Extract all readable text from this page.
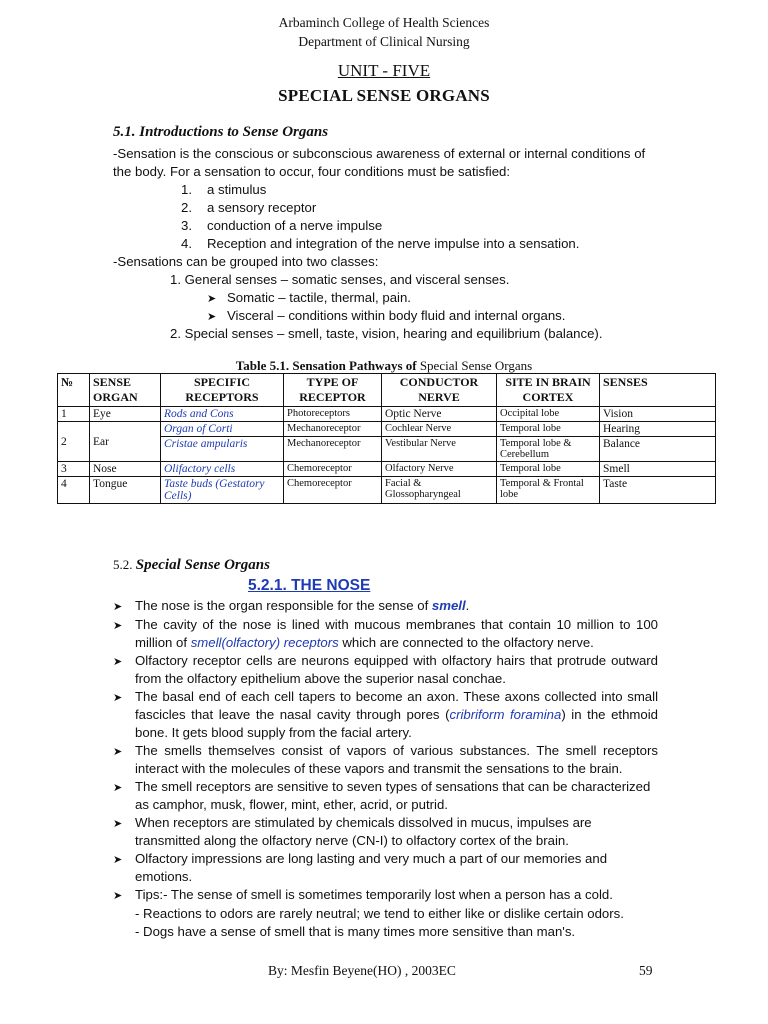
Arbaminch College of Health Sciences
Department of Clinical Nursing
UNIT - FIVE
SPECIAL SENSE ORGANS
5.1. Introductions to Sense Organs
-Sensation is the conscious or subconscious awareness of external or internal conditions of the body. For a sensation to occur, four conditions must be satisfied:
1. a stimulus
2. a sensory receptor
3. conduction of a nerve impulse
4. Reception and integration of the nerve impulse into a sensation.
-Sensations can be grouped into two classes:
1. General senses – somatic senses, and visceral senses.
➤ Somatic – tactile, thermal, pain.
➤ Visceral – conditions within body fluid and internal organs.
2. Special senses – smell, taste, vision, hearing and equilibrium (balance).
Table 5.1. Sensation Pathways of Special Sense Organs
№	SENSE ORGAN	SPECIFIC RECEPTORS	TYPE OF RECEPTOR	CONDUCTOR NERVE	SITE IN BRAIN CORTEX	SENSES
1	Eye	Rods and Cons	Photoreceptors	Optic Nerve	Occipital lobe	Vision
2	Ear	Organ of Corti	Mechanoreceptor	Cochlear Nerve	Temporal lobe	Hearing
		Cristae ampularis	Mechanoreceptor	Vestibular Nerve	Temporal lobe & Cerebellum	Balance
3	Nose	Olifactory cells	Chemoreceptor	Olfactory Nerve	Temporal lobe	Smell
4	Tongue	Taste buds (Gestatory Cells)	Chemoreceptor	Facial & Glossopharyngeal	Temporal & Frontal lobe	Taste
5.2. Special Sense Organs
5.2.1. THE NOSE
➤ The nose is the organ responsible for the sense of smell.
➤ The cavity of the nose is lined with mucous membranes that contain 10 million to 100 million of smell(olfactory) receptors which are connected to the olfactory nerve.
➤ Olfactory receptor cells are neurons equipped with olfactory hairs that protrude outward from the olfactory epithelium above the superior nasal conchae.
➤ The basal end of each cell tapers to become an axon. These axons collected into small fascicles that leave the nasal cavity through pores (cribriform foramina) in the ethmoid bone. It gets blood supply from the facial artery.
➤ The smells themselves consist of vapors of various substances. The smell receptors interact with the molecules of these vapors and transmit the sensations to the brain.
➤ The smell receptors are sensitive to seven types of sensations that can be characterized as camphor, musk, flower, mint, ether, acrid, or putrid.
➤ When receptors are stimulated by chemicals dissolved in mucus, impulses are transmitted along the olfactory nerve (CN-I) to olfactory cortex of the brain.
➤ Olfactory impressions are long lasting and very much a part of our memories and emotions.
➤ Tips:- The sense of smell is sometimes temporarily lost when a person has a cold.
- Reactions to odors are rarely neutral; we tend to either like or dislike certain odors.
- Dogs have a sense of smell that is many times more sensitive than man's.
By: Mesfin Beyene(HO) , 2003EC	59
